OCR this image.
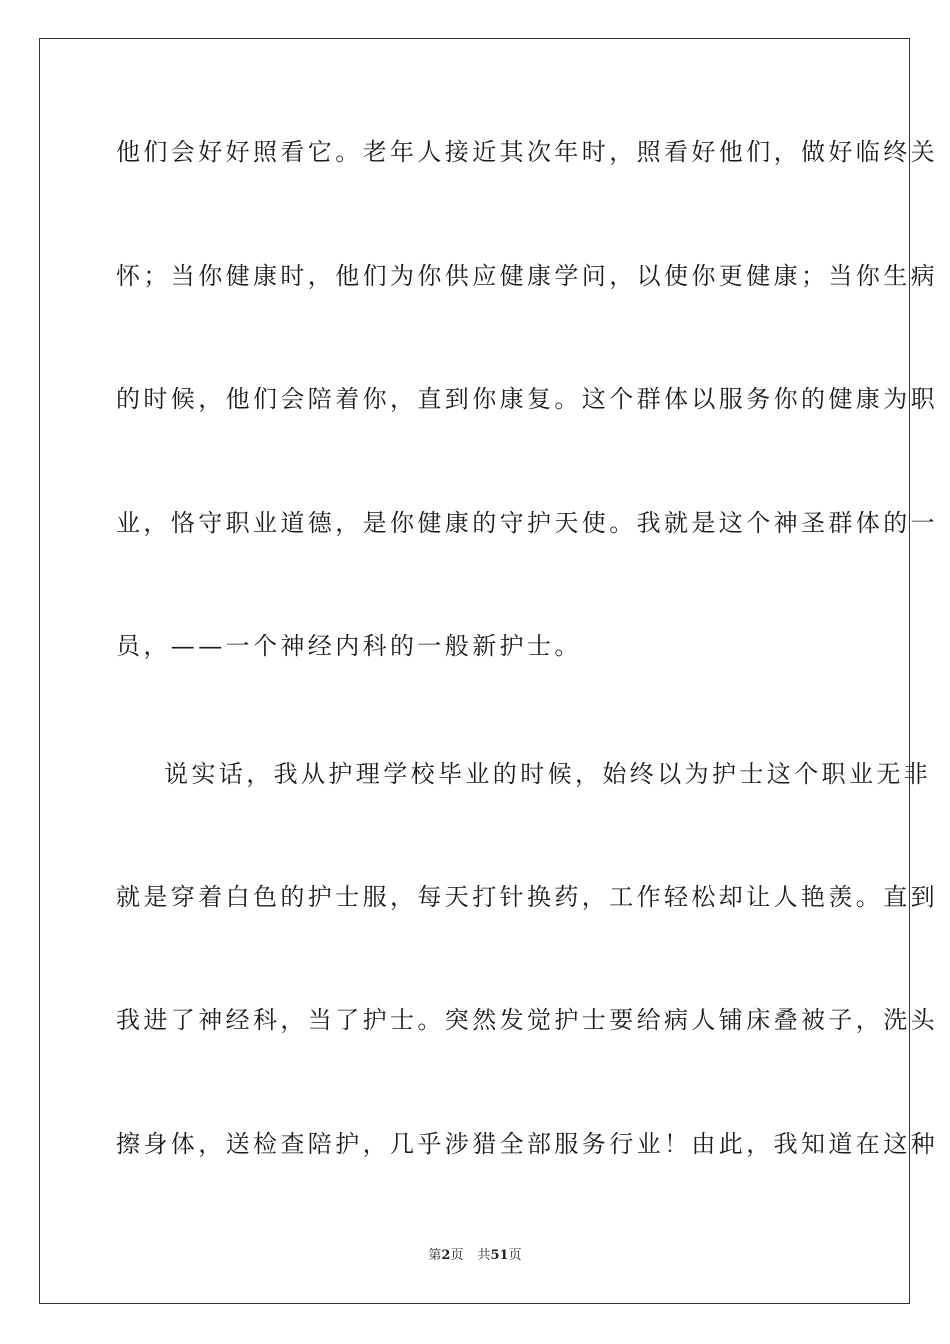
他们会好好照看它。老年人接近其次年时，照看好他们，做好临终关
怀；当你健康时，他们为你供应健康学问，以使你更健康；当你生病
的时候，他们会陪着你，直到你康复。这个群体以服务你的健康为职
业，恪守职业道德，是你健康的守护天使。我就是这个神圣群体的一
员，——一个神经内科的一般新护士。
说实话，我从护理学校毕业的时候，始终以为护士这个职业无非
就是穿着白色的护士服，每天打针换药，工作轻松却让人艳羡。直到
我进了神经科，当了护士。突然发觉护士要给病人铺床叠被子，洗头
擦身体，送检查陪护，几乎涉猎全部服务行业！由此，我知道在这种
第2页 共51页
